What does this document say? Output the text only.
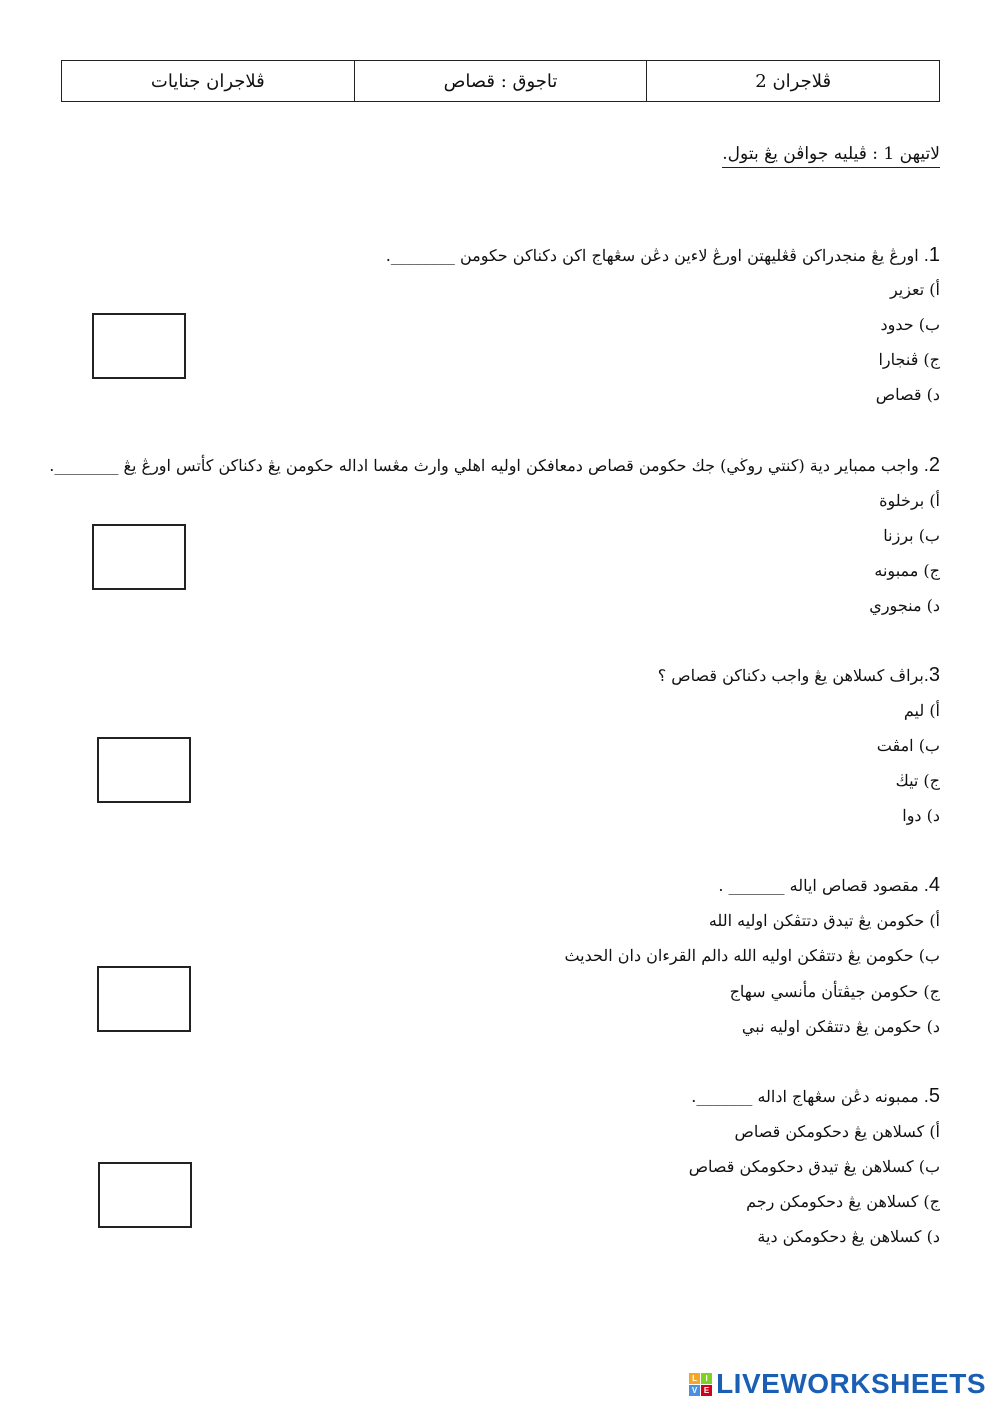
ڤلاجران 2
تاجوق : قصاص
ڤلاجران جنايات
لاتيهن 1 : ڤيليه جواڤن يڠ بتول.
1. اورڠ يڠ منجدراكن ڤڠليهتن اورڠ لاءين دڠن سڠهاج اكن دكناكن حكومن ________.
أ) تعزير
ب) حدود
ج) ڤنجارا
د) قصاص
2. واجب ممباير دية (كنتي روڬي) جك حكومن قصاص دمعافكن اوليه اهلي وارث مڠسا اداله حكومن يڠ دكناكن كأتس اورڠ يڠ ________.
أ) برخلوة
ب) برزنا
ج) ممبونه
د) منجوري
3.براڤ كسلاهن يڠ واجب دكناكن قصاص ؟
أ) ليم
ب) امڤت
ج) تيڬ
د) دوا
4. مقصود قصاص اياله _______ .
أ) حكومن يڠ تيدق دتتڤكن اوليه الله
ب) حكومن يڠ دتتڤكن اوليه الله دالم القرءان دان الحديث
ج) حكومن جيڤتأن مأنسي سهاج
د) حكومن يڠ دتتڤكن اوليه نبي
5. ممبونه دڠن سڠهاج اداله _______.
أ) كسلاهن يڠ دحكومكن قصاص
ب) كسلاهن يڠ تيدق دحكومكن قصاص
ج) كسلاهن يڠ دحكومكن رجم
د) كسلاهن يڠ دحكومكن دية
L	I
V E LIVEWORKSHEETS
